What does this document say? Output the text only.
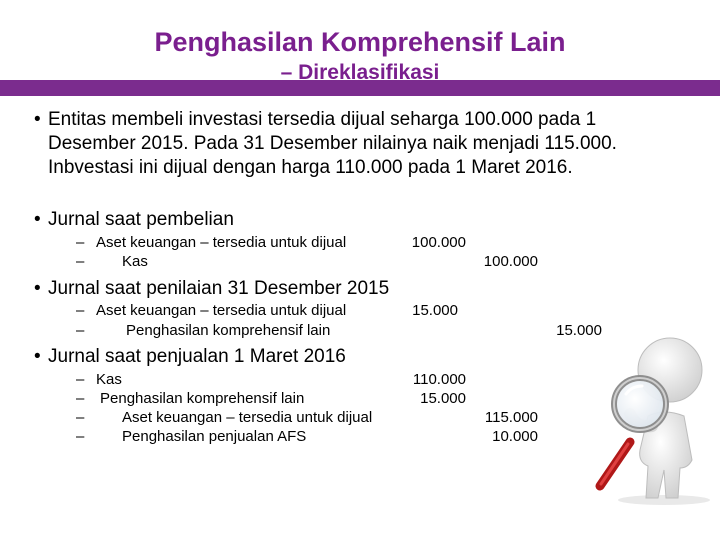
Penghasilan Komprehensif Lain
– Direklasifikasi
• Entitas membeli investasi tersedia dijual seharga 100.000 pada 1 Desember 2015. Pada 31 Desember nilainya naik menjadi 115.000. Inbvestasi ini dijual dengan harga 110.000 pada 1 Maret 2016.
• Jurnal saat pembelian
– Aset keuangan – tersedia untuk dijual	100.000
–	Kas	100.000
• Jurnal saat penilaian 31 Desember 2015
– Aset keuangan – tersedia untuk dijual	15.000
–	Penghasilan komprehensif lain	15.000
• Jurnal saat penjualan 1 Maret 2016
– Kas	110.000
– Penghasilan komprehensif lain	15.000
–	Aset keuangan – tersedia untuk dijual	115.000
–	Penghasilan penjualan AFS	10.000
